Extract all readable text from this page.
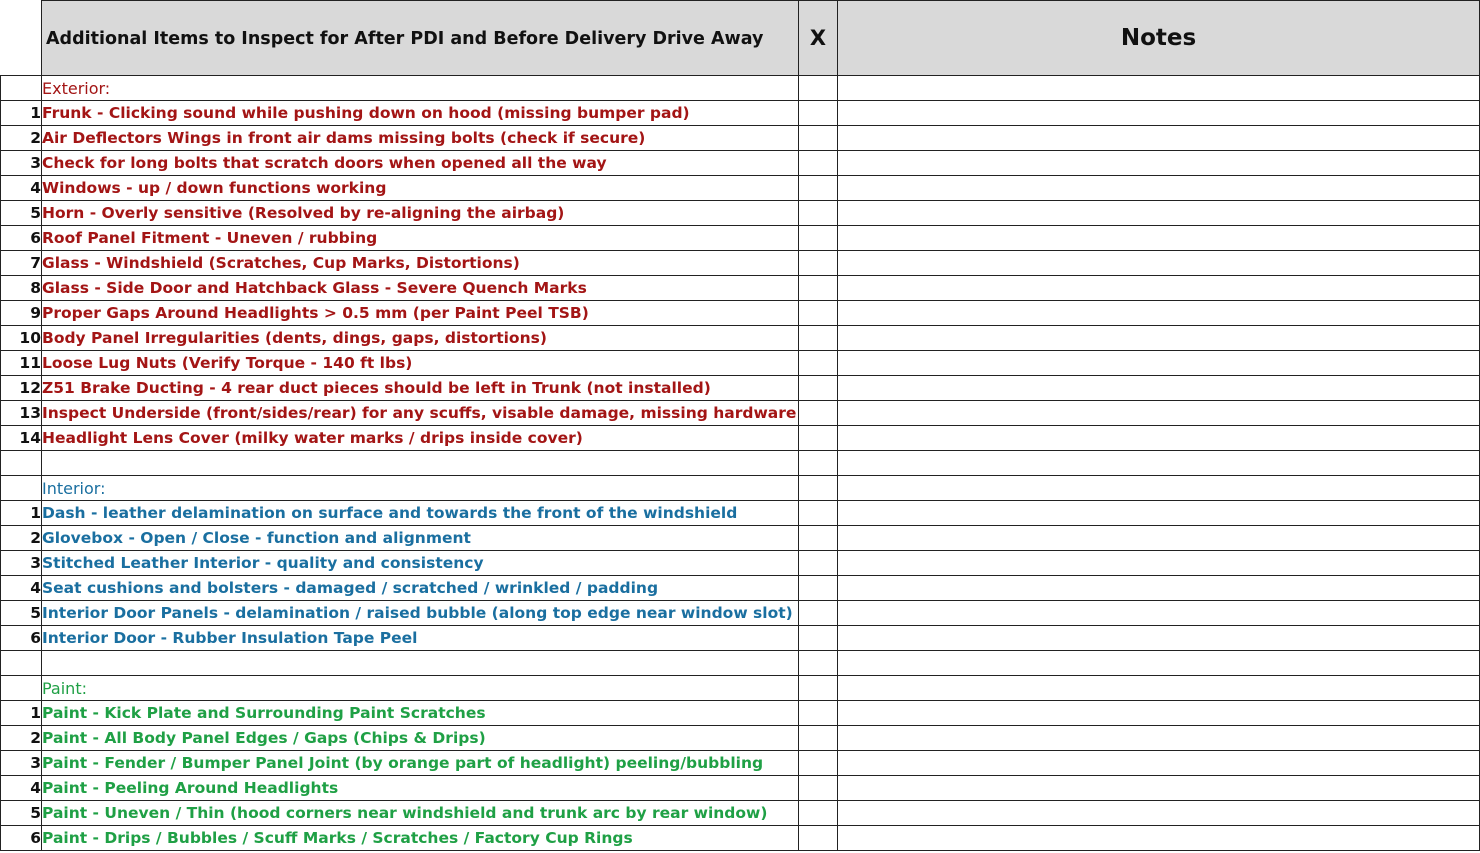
	Additional Items to Inspect for After PDI and Before Delivery Drive Away	X	Notes
	Exterior:		
1	Frunk - Clicking sound while pushing down on hood (missing bumper pad)		
2	Air Deflectors Wings in front air dams missing bolts (check if secure)		
3	Check for long bolts that scratch doors when opened all the way		
4	Windows - up / down functions working		
5	Horn - Overly sensitive (Resolved by re-aligning the airbag)		
6	Roof Panel Fitment - Uneven / rubbing		
7	Glass - Windshield (Scratches, Cup Marks, Distortions)		
8	Glass - Side Door and Hatchback Glass - Severe Quench Marks		
9	Proper Gaps Around Headlights > 0.5 mm (per Paint Peel TSB)		
10	Body Panel Irregularities (dents, dings, gaps, distortions)		
11	Loose Lug Nuts (Verify Torque - 140 ft lbs)		
12	Z51 Brake Ducting - 4 rear duct pieces should be left in Trunk (not installed)		
13	Inspect Underside (front/sides/rear) for any scuffs, visable damage, missing hardware		
14	Headlight Lens Cover (milky water marks / drips inside cover)		

	Interior:		
1	Dash - leather delamination on surface and towards the front of the windshield		
2	Glovebox - Open / Close - function and alignment		
3	Stitched Leather Interior - quality and consistency		
4	Seat cushions and bolsters - damaged / scratched / wrinkled / padding		
5	Interior Door Panels - delamination / raised bubble (along top edge near window slot)		
6	Interior Door - Rubber Insulation Tape Peel		

	Paint:		
1	Paint - Kick Plate and Surrounding Paint Scratches		
2	Paint - All Body Panel Edges / Gaps (Chips & Drips)		
3	Paint - Fender / Bumper Panel Joint (by orange part of headlight) peeling/bubbling		
4	Paint - Peeling Around Headlights		
5	Paint - Uneven / Thin (hood corners near windshield and trunk arc by rear window)		
6	Paint - Drips / Bubbles / Scuff Marks / Scratches / Factory Cup Rings		
